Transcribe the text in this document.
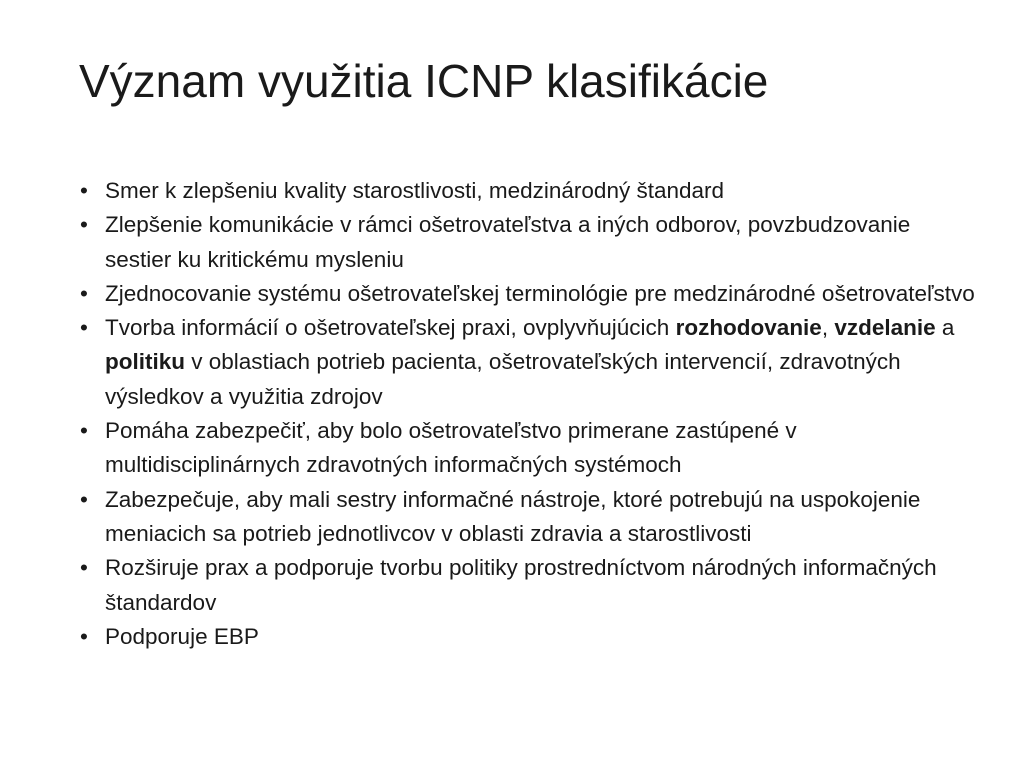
Význam využitia ICNP klasifikácie
• Smer k zlepšeniu kvality starostlivosti, medzinárodný štandard
• Zlepšenie komunikácie v rámci ošetrovateľstva a iných odborov, povzbudzovanie sestier ku kritickému mysleniu
• Zjednocovanie systému ošetrovateľskej terminológie pre medzinárodné ošetrovateľstvo
• Tvorba informácií o ošetrovateľskej praxi, ovplyvňujúcich rozhodovanie, vzdelanie a politiku v oblastiach potrieb pacienta, ošetrovateľských intervencií, zdravotných výsledkov a využitia zdrojov
• Pomáha zabezpečiť, aby bolo ošetrovateľstvo primerane zastúpené v multidisciplinárnych zdravotných informačných systémoch
• Zabezpečuje, aby mali sestry informačné nástroje, ktoré potrebujú na uspokojenie meniacich sa potrieb jednotlivcov v oblasti zdravia a starostlivosti
• Rozširuje prax a podporuje tvorbu politiky prostredníctvom národných informačných štandardov
• Podporuje EBP
